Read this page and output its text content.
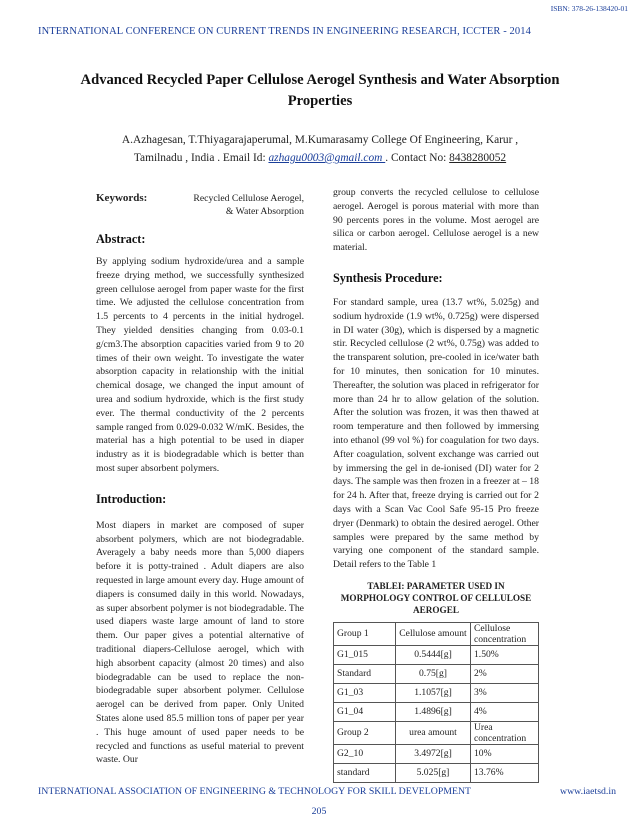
ISBN: 378-26-138420-01
INTERNATIONAL CONFERENCE ON CURRENT TRENDS IN ENGINEERING RESEARCH, ICCTER - 2014
Advanced Recycled Paper Cellulose Aerogel Synthesis and Water Absorption Properties
A.Azhagesan, T.Thiyagarajaperumal, M.Kumarasamy College Of Engineering, Karur ,
Tamilnadu , India . Email Id: azhagu0003@gmail.com . Contact No: 8438280052
Keywords:	Recycled Cellulose Aerogel, & Water Absorption
Abstract:

By applying sodium hydroxide/urea and a sample freeze drying method, we successfully synthesized green cellulose aerogel from paper waste for the first time. We adjusted the cellulose concentration from 1.5 percents to 4 percents in the initial hydrogel. They yielded densities changing from 0.03-0.1 g/cm3.The absorption capacities varied from 9 to 20 times of their own weight. To investigate the water absorption capacity in relationship with the initial chemical dosage, we changed the input amount of urea and sodium hydroxide, which is the first study ever. The thermal conductivity of the 2 percents sample ranged from 0.029-0.032 W/mK. Besides, the material has a high potential to be used in diaper industry as it is biodegradable which is better than most super absorbent polymers.

Introduction:

Most diapers in market are composed of super absorbent polymers, which are not biodegradable. Averagely a baby needs more than 5,000 diapers before it is potty-trained . Adult diapers are also requested in large amount every day. Huge amount of diapers is consumed daily in this world. Nowadays, as super absorbent polymer is not biodegradable. The used diapers waste large amount of land to store them. Our paper gives a potential alternative of traditional diapers-Cellulose aerogel, which with high absorbent capacity (almost 20 times) and also biodegradable can be used to replace the non-biodegradable super absorbent polymer. Cellulose aerogel can be derived from paper. Only United States alone used 85.5 million tons of paper per year . This huge amount of used paper needs to be recycled and functions as useful material to prevent waste. Our

group converts the recycled cellulose to cellulose aerogel. Aerogel is porous material with more than 90 percents pores in the volume. Most aerogel are silica or carbon aerogel. Cellulose aerogel is a new material.

Synthesis Procedure:

For standard sample, urea (13.7 wt%, 5.025g) and sodium hydroxide (1.9 wt%, 0.725g) were dispersed in DI water (30g), which is dispersed by a magnetic stir. Recycled cellulose (2 wt%, 0.75g) was added to the transparent solution, pre-cooled in ice/water bath for 10 minutes, then sonication for 10 minutes. Thereafter, the solution was placed in refrigerator for more than 24 hr to allow gelation of the solution. After the solution was frozen, it was then thawed at room temperature and then followed by immersing into ethanol (99 vol %) for coagulation for two days. After coagulation, solvent exchange was carried out by immersing the gel in de-ionised (DI) water for 2 days. The sample was then frozen in a freezer at – 18 for 24 h. After that, freeze drying is carried out for 2 days with a Scan Vac Cool Safe 95-15 Pro freeze dryer (Denmark) to obtain the desired aerogel. Other samples were prepared by the same method by varying one component of the standard sample. Detail refers to the Table 1

TABLEI: PARAMETER USED IN MORPHOLOGY CONTROL OF CELLULOSE AEROGEL

Group 1	Cellulose amount	Cellulose concentration
G1_015	0.5444[g]	1.50%
Standard	0.75[g]	2%
G1_03	1.1057[g]	3%
G1_04	1.4896[g]	4%
Group 2	urea amount	Urea concentration
G2_10	3.4972[g]	10%
standard	5.025[g]	13.76%
INTERNATIONAL ASSOCIATION OF ENGINEERING & TECHNOLOGY FOR SKILL DEVELOPMENT	www.iaetsd.in
205
